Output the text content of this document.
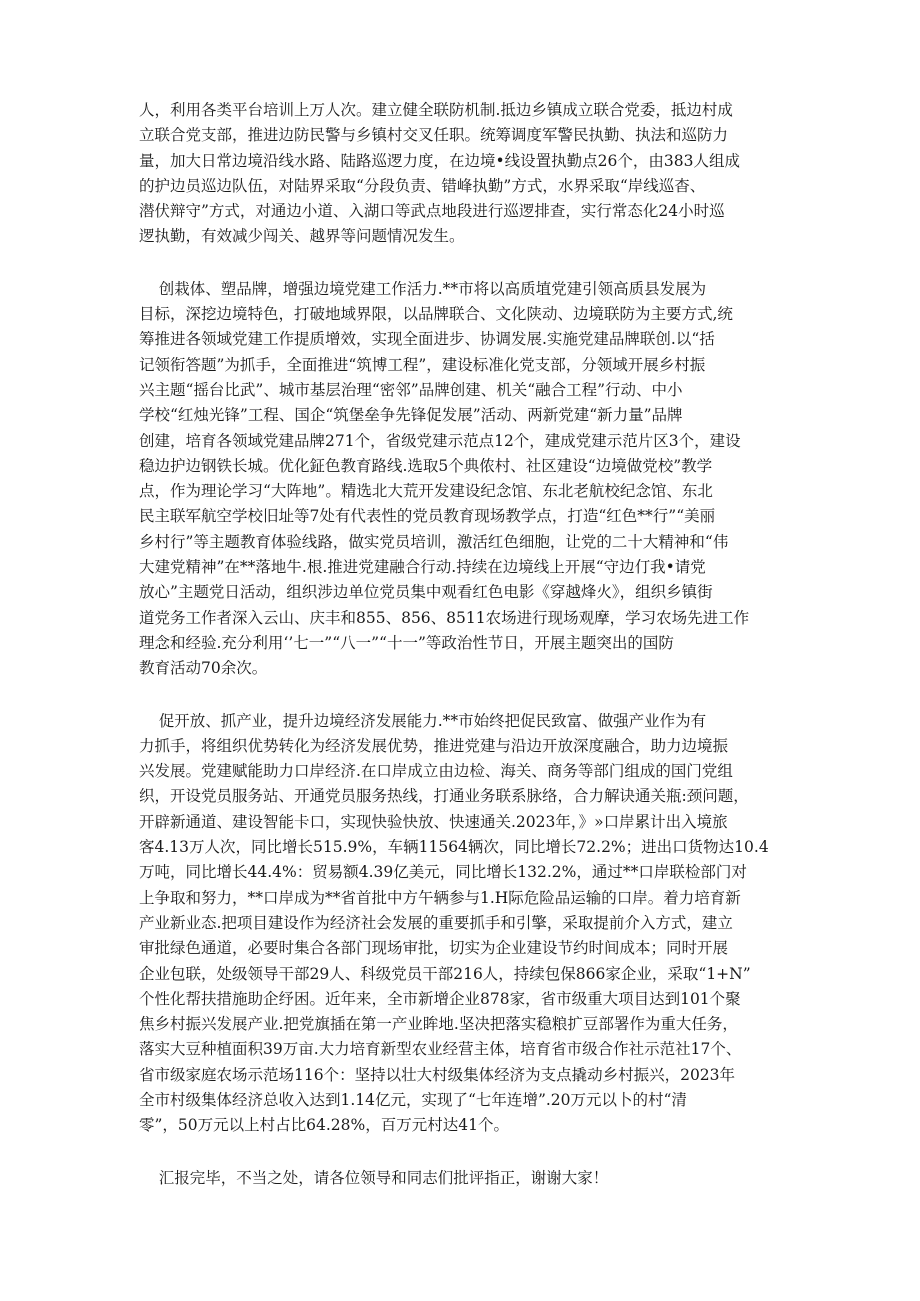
人，利用各类平台培训上万人次。建立健全联防机制.抵边乡镇成立联合党委，抵边村成
立联合党支部，推进边防民警与乡镇村交叉任职。统筹调度军警民执勤、执法和巡防力
量，加大日常边境沿线水路、陆路巡逻力度，在边境•线设置执勤点26个，由383人组成
的护边员巡边队伍，对陆界采取“分段负责、错峰执勤”方式，水界采取“岸线巡杳、
潜伏辩守”方式，对通边小道、入湖口等武点地段进行巡逻排查，实行常态化24小时巡
逻执勤，有效减少闯关、越界等问题情况发生。

创栽体、塑品牌，增强边境党建工作活力.**市将以高质埴党建引领高质县发展为
目标，深挖边境特色，打破地域界限，以品牌联合、文化陕动、边境联防为主要方式,统
筹推进各领域党建工作提质增效，实现全面进步、协调发展.实施党建品牌联创.以“括
记领衔答题”为抓手，全面推进“筑博工程”，建设标准化党支部，分领域开展乡村振
兴主题“摇台比武”、城市基层治理“密邻”品牌创建、机关“融合工程”行动、中小
学校“红烛光锋”工程、国企“筑堡垒争先锋促发展”活动、两新党建“新力量”品牌
创建，培育各领域党建品牌271个，省级党建示范点12个，建成党建示范片区3个，建设
稳边护边钢铁长城。优化鉦色教育路线.选取5个典侬村、社区建设“边境做党校”教学
点，作为理论学习“大阵地”。精选北大荒开发建设纪念馆、东北老航校纪念馆、东北
民主联军航空学校旧址等7处有代表性的党员教育现场教学点，打造“红色**行”“美丽
乡村行”等主题教育体验线路，做实党员培训，激活红色细胞，让党的二十大精神和“伟
大建党精神”在**落地牛.根.推进党建融合行动.持续在边境线上开展“守边仃我•请党
放心”主题党日活动，组织涉边单位党员集中观看红色电影《穿越烽火》，组织乡镇街
道党务工作者深入云山、庆丰和855、856、8511农场进行现场观摩，学习农场先进工作
理念和经验.充分利用‘’七一”“八一”“十一”等政治性节日，开展主题突出的国防
教育活动70余次。

促开放、抓产业，提升边境经济发展能力.**市始终把促民致富、做强产业作为有
力抓手，将组织优势转化为经济发展优势，推进党建与沿边开放深度融合，助力边境振
兴发展。党建赋能助力口岸经济.在口岸成立由边检、海关、商务等部门组成的国门党组
织，开设党员服务站、开通党员服务热线，打通业务联系脉络，合力解诀通关瓶:颈问题，
开辟新通道、建设智能卡口，实现快验快放、快速通关.2023年，》»口岸累计出入境旅
客4.13万人次，同比增长515.9%，车辆11564辆次，同比增长72.2%；进出口货物达10.4
万吨，同比增长44.4%：贸易额4.39亿美元，同比增长132.2%，通过**口岸联检部门对
上争取和努力，**口岸成为**省首批中方午辆参与1.H际危险品运输的口岸。着力培育新
产业新业态.把项目建设作为经济社会发展的重要抓手和引擎，采取提前介入方式，建立
审批绿色通道，必要时集合各部门现场审批，切实为企业建设节约时间成本；同时开展
企业包联，处级领导干部29人、科级党员干部216人，持续包保866家企业，采取“1+N”
个性化帮扶措施助企纾困。近年来，全市新增企业878家，省市级重大项目达到101个聚
焦乡村振兴发展产业.把党旗插在第一产业眸地.坚决把落实稳粮扩豆部署作为重大任务，
落实大豆种植面积39万亩.大力培育新型农业经营主体，培育省市级合作社示范社17个、
省市级家庭农场示范场116个：坚持以壮大村级集体经济为支点撬动乡村振兴，2023年
全市村级集体经济总收入达到1.14亿元，实现了“七年连增”.20万元以卜的村“清
零”，50万元以上村占比64.28%，百万元村达41个。

汇报完毕，不当之处，请各位领导和同志们批评指正，谢谢大家！
